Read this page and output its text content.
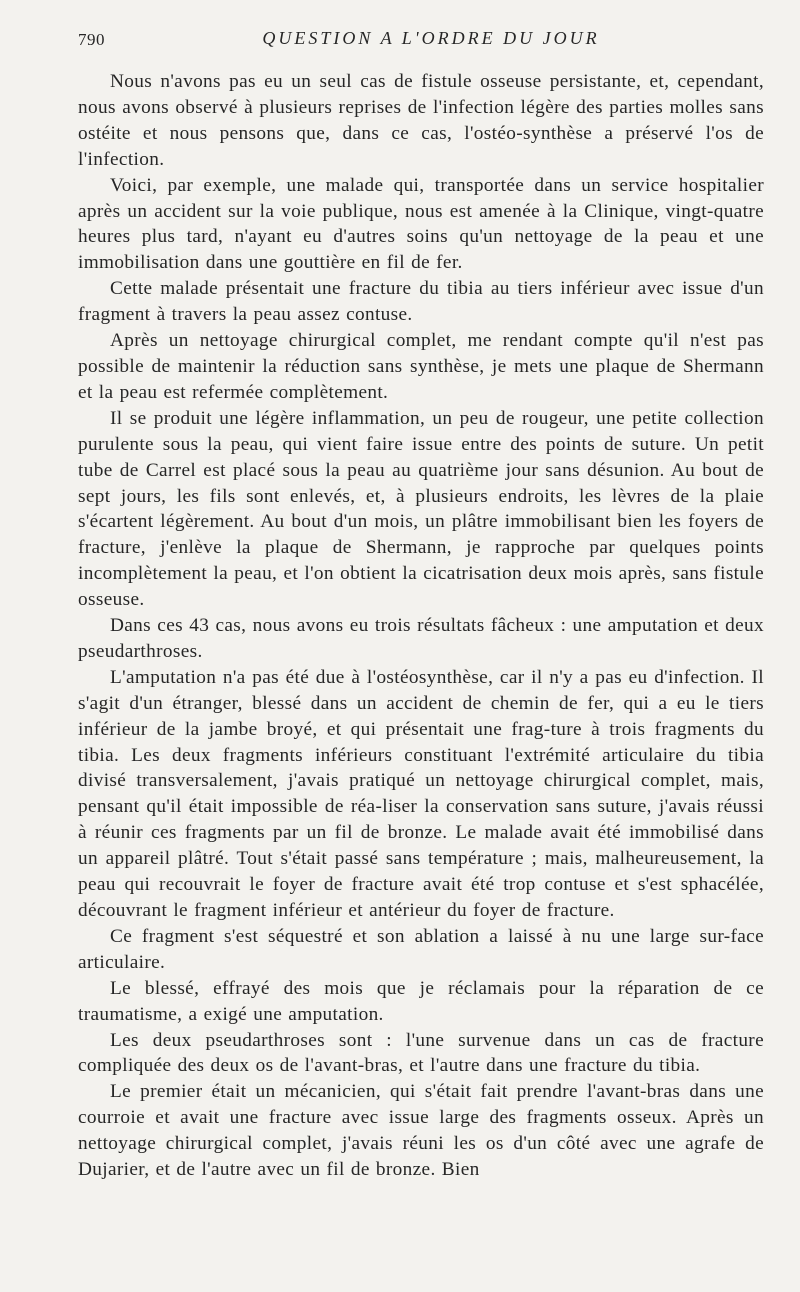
790	QUESTION A L'ORDRE DU JOUR

Nous n'avons pas eu un seul cas de fistule osseuse persistante, et, cependant, nous avons observé à plusieurs reprises de l'infection légère des parties molles sans ostéite et nous pensons que, dans ce cas, l'ostéo-synthèse a préservé l'os de l'infection.

Voici, par exemple, une malade qui, transportée dans un service hospitalier après un accident sur la voie publique, nous est amenée à la Clinique, vingt-quatre heures plus tard, n'ayant eu d'autres soins qu'un nettoyage de la peau et une immobilisation dans une gouttière en fil de fer.

Cette malade présentait une fracture du tibia au tiers inférieur avec issue d'un fragment à travers la peau assez contuse.

Après un nettoyage chirurgical complet, me rendant compte qu'il n'est pas possible de maintenir la réduction sans synthèse, je mets une plaque de Shermann et la peau est refermée complètement.

Il se produit une légère inflammation, un peu de rougeur, une petite collection purulente sous la peau, qui vient faire issue entre des points de suture. Un petit tube de Carrel est placé sous la peau au quatrième jour sans désunion. Au bout de sept jours, les fils sont enlevés, et, à plusieurs endroits, les lèvres de la plaie s'écartent légèrement. Au bout d'un mois, un plâtre immobilisant bien les foyers de fracture, j'enlève la plaque de Shermann, je rapproche par quelques points incomplètement la peau, et l'on obtient la cicatrisation deux mois après, sans fistule osseuse.

Dans ces 43 cas, nous avons eu trois résultats fâcheux : une amputation et deux pseudarthroses.

L'amputation n'a pas été due à l'ostéosynthèse, car il n'y a pas eu d'infection. Il s'agit d'un étranger, blessé dans un accident de chemin de fer, qui a eu le tiers inférieur de la jambe broyé, et qui présentait une frag-ture à trois fragments du tibia. Les deux fragments inférieurs constituant l'extrémité articulaire du tibia divisé transversalement, j'avais pratiqué un nettoyage chirurgical complet, mais, pensant qu'il était impossible de réa-liser la conservation sans suture, j'avais réussi à réunir ces fragments par un fil de bronze. Le malade avait été immobilisé dans un appareil plâtré. Tout s'était passé sans température ; mais, malheureusement, la peau qui recouvrait le foyer de fracture avait été trop contuse et s'est sphacélée, découvrant le fragment inférieur et antérieur du foyer de fracture.

Ce fragment s'est séquestré et son ablation a laissé à nu une large sur-face articulaire.

Le blessé, effrayé des mois que je réclamais pour la réparation de ce traumatisme, a exigé une amputation.

Les deux pseudarthroses sont : l'une survenue dans un cas de fracture compliquée des deux os de l'avant-bras, et l'autre dans une fracture du tibia.

Le premier était un mécanicien, qui s'était fait prendre l'avant-bras dans une courroie et avait une fracture avec issue large des fragments osseux. Après un nettoyage chirurgical complet, j'avais réuni les os d'un côté avec une agrafe de Dujarier, et de l'autre avec un fil de bronze. Bien
